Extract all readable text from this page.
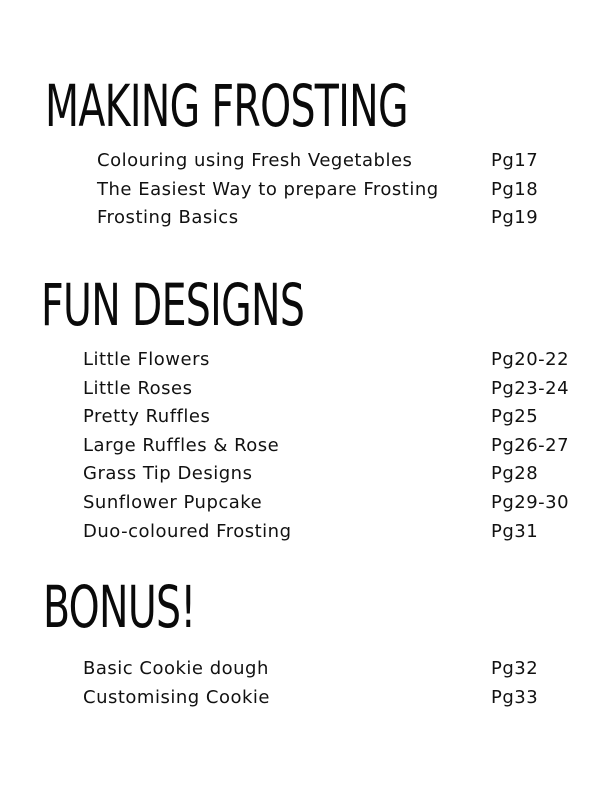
MAKING FROSTING
Colouring using Fresh Vegetables	Pg17
The Easiest Way to prepare Frosting	Pg18
Frosting Basics	Pg19
FUN DESIGNS
Little Flowers	Pg20-22
Little Roses	Pg23-24
Pretty Ruffles	Pg25
Large Ruffles & Rose	Pg26-27
Grass Tip Designs	Pg28
Sunflower Pupcake	Pg29-30
Duo-coloured Frosting	Pg31
BONUS!
Basic Cookie dough	Pg32
Customising Cookie	Pg33
